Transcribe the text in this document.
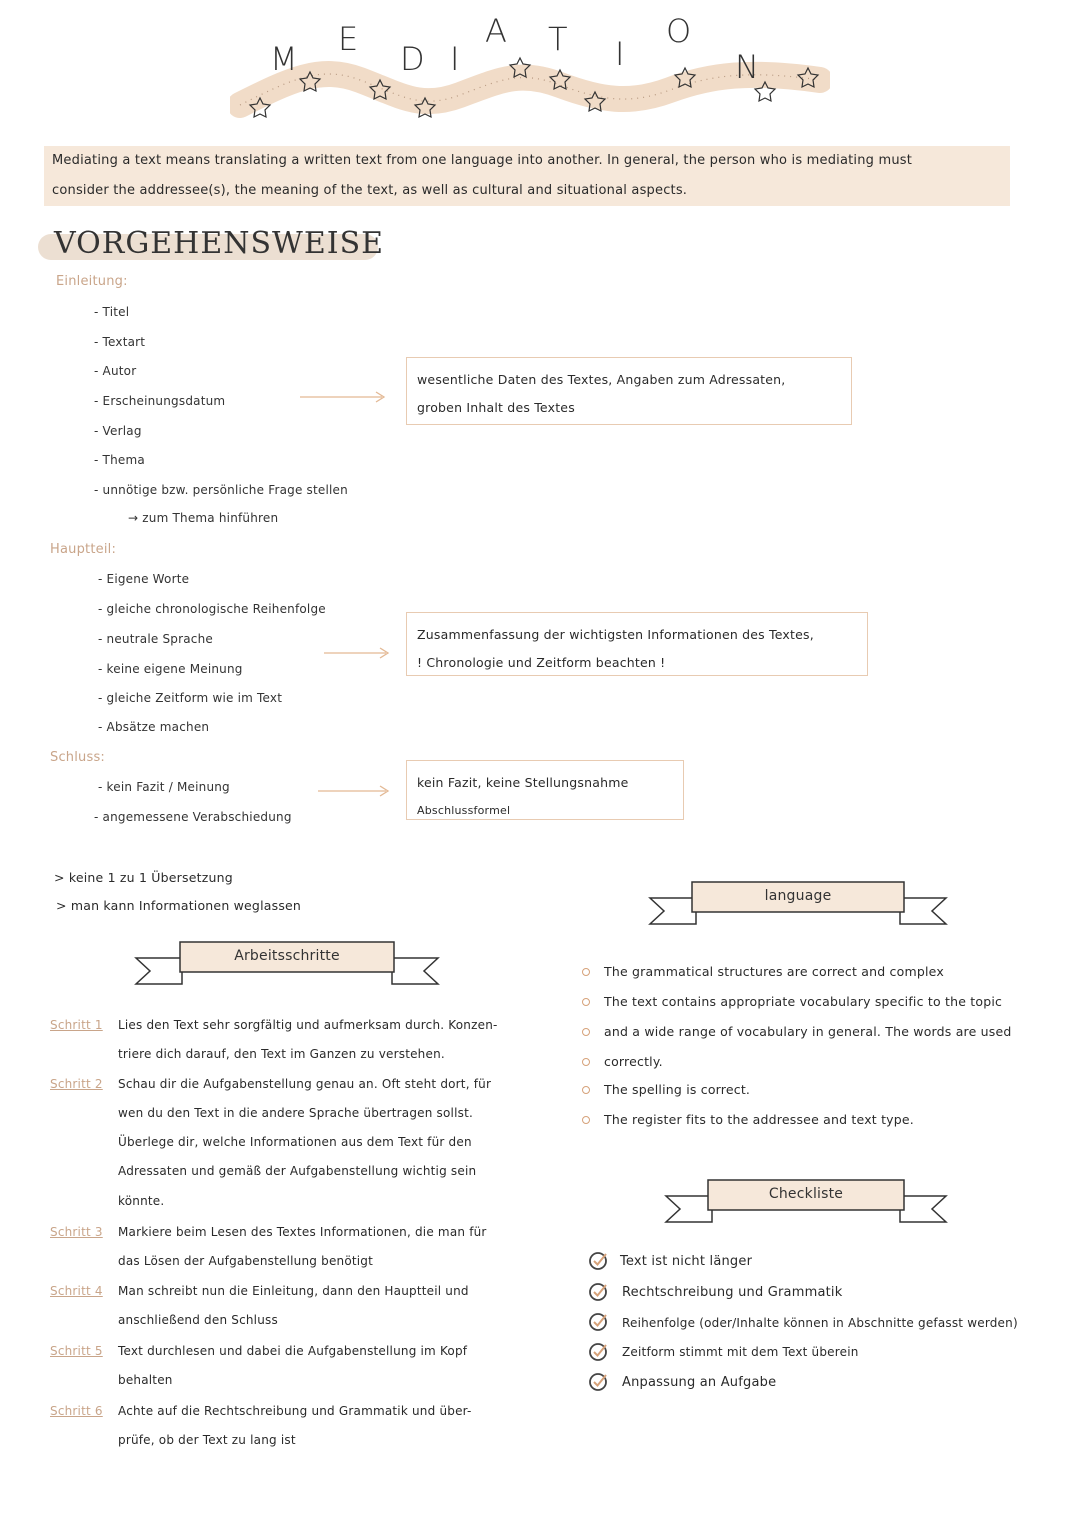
M
E
D I
A T I
O
N
Mediating a text means translating a written text from one language into another. In general, the person who is mediating must
consider the addressee(s), the meaning of the text, as well as cultural and situational aspects.
VORGEHENSWEISE
Einleitung:
- Titel
- Textart
- Autor
- Erscheinungsdatum
- Verlag
- Thema
- unnötige bzw. persönliche Frage stellen
→ zum Thema hinführen
wesentliche Daten des Textes, Angaben zum Adressaten,
groben Inhalt des Textes
Hauptteil:
- Eigene Worte
- gleiche chronologische Reihenfolge
- neutrale Sprache
- keine eigene Meinung
- gleiche Zeitform wie im Text
- Absätze machen
Zusammenfassung der wichtigsten Informationen des Textes,
! Chronologie und Zeitform beachten !
Schluss:
- kein Fazit / Meinung
- angemessene Verabschiedung
kein Fazit, keine Stellungsnahme
Abschlussformel
> keine 1 zu 1 Übersetzung
> man kann Informationen weglassen
Arbeitsschritte
Schritt 1 Lies den Text sehr sorgfältig und aufmerksam durch. Konzen-
triere dich darauf, den Text im Ganzen zu verstehen.
Schritt 2 Schau dir die Aufgabenstellung genau an. Oft steht dort, für
wen du den Text in die andere Sprache übertragen sollst.
Überlege dir, welche Informationen aus dem Text für den
Adressaten und gemäß der Aufgabenstellung wichtig sein
könnte.
Schritt 3 Markiere beim Lesen des Textes Informationen, die man für
das Lösen der Aufgabenstellung benötigt
Schritt 4 Man schreibt nun die Einleitung, dann den Hauptteil und
anschließend den Schluss
Schritt 5 Text durchlesen und dabei die Aufgabenstellung im Kopf
behalten
Schritt 6 Achte auf die Rechtschreibung und Grammatik und über-
prüfe, ob der Text zu lang ist
language
The grammatical structures are correct and complex
The text contains appropriate vocabulary specific to the topic
and a wide range of vocabulary in general. The words are used
correctly.
The spelling is correct.
The register fits to the addressee and text type.
Checkliste
Text ist nicht länger
Rechtschreibung und Grammatik
Reihenfolge (oder/Inhalte können in Abschnitte gefasst werden)
Zeitform stimmt mit dem Text überein
Anpassung an Aufgabe
